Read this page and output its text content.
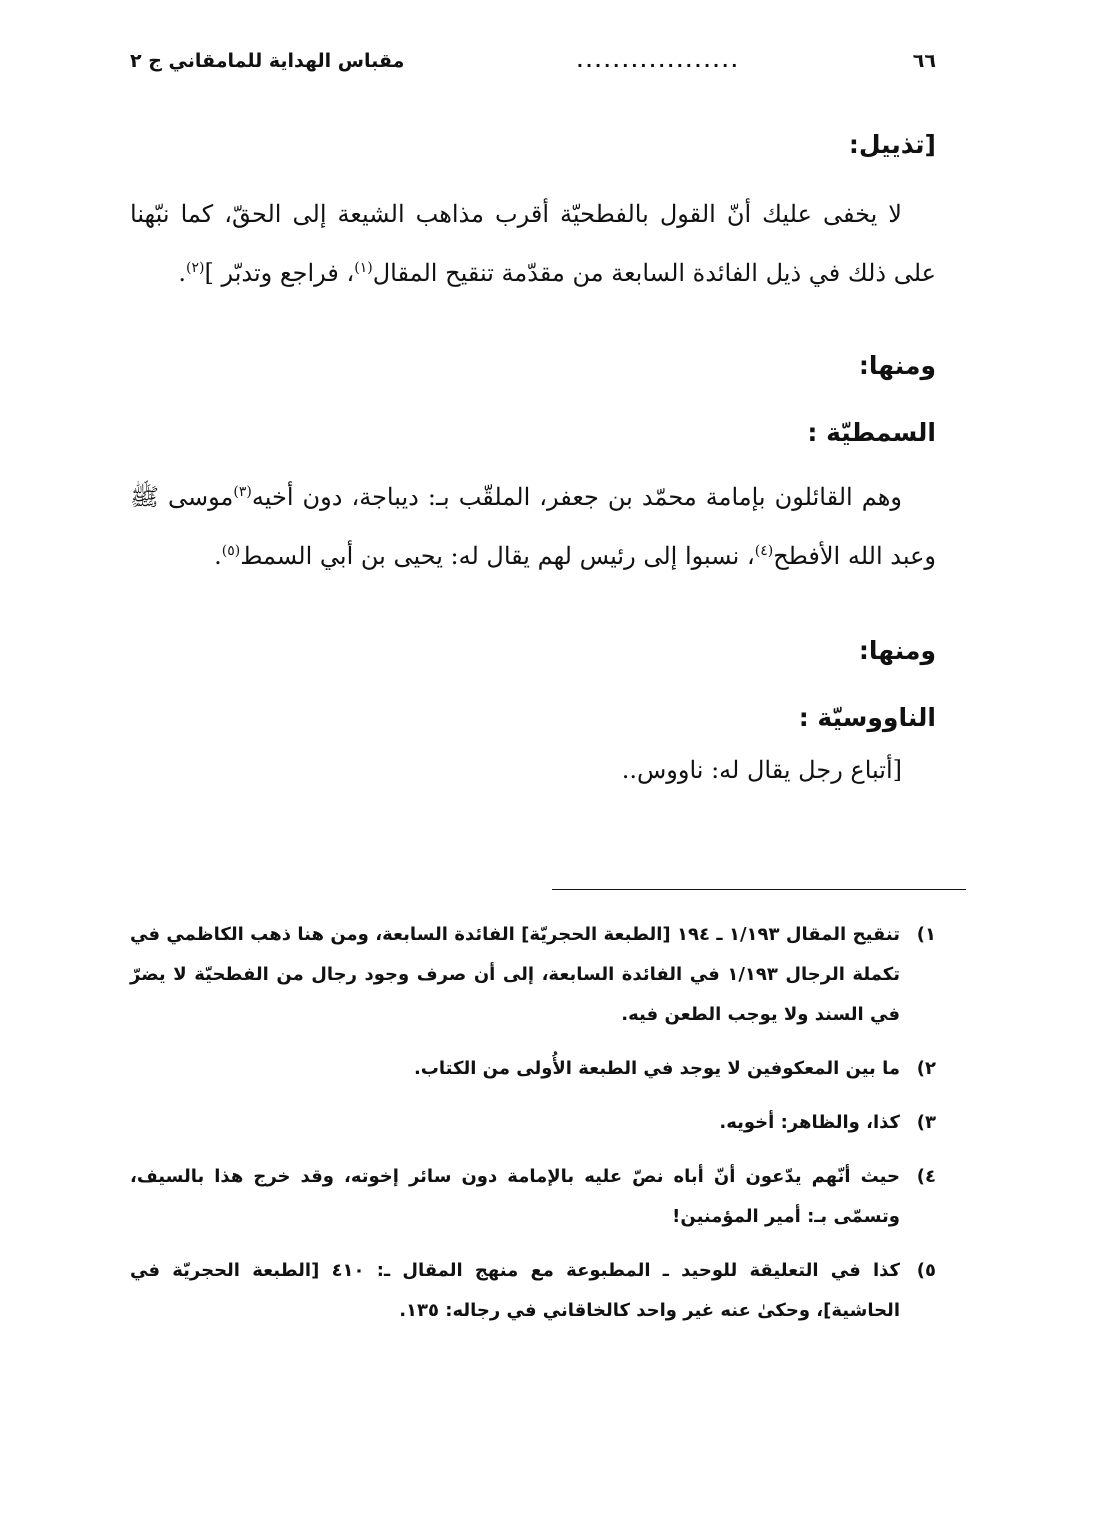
٦٦
..................
مقباس الهداية للمامقاني ج ٢

[تذييل:

لا يخفى عليك أنّ القول بالفطحيّة أقرب مذاهب الشيعة إلى الحقّ، كما نبّهنا على ذلك في ذيل الفائدة السابعة من مقدّمة تنقيح المقال$^{(١)}$، فراجع وتدبّر ]$^{(٢)}$.

ومنها:

السمطيّة :

وهم القائلون بإمامة محمّد بن جعفر، الملقّب بـ: ديباجة، دون أخيه$^{(٣)}$موسى ﷺ وعبد الله الأفطح$^{(٤)}$، نسبوا إلى رئيس لهم يقال له: يحيى بن أبي السمط$^{(٥)}$.

ومنها:

الناووسيّة :

[أتباع رجل يقال له: ناووس..

١)
تنقيح المقال ١/١٩٣ ـ ١٩٤ [الطبعة الحجريّة] الفائدة السابعة، ومن هنا ذهب الكاظمي في تكملة الرجال ١/١٩٣ في الفائدة السابعة، إلى أن صرف وجود رجال من الفطحيّة لا يضرّ في السند ولا يوجب الطعن فيه.
٢)
ما بين المعكوفين لا يوجد في الطبعة الأُولى من الكتاب.
٣)
كذا، والظاهر: أخويه.
٤)
حيث أنّهم يدّعون أنّ أباه نصّ عليه بالإمامة دون سائر إخوته، وقد خرج هذا بالسيف، وتسمّى بـ: أمير المؤمنين!
٥)
كذا في التعليقة للوحيد ـ المطبوعة مع منهج المقال ـ: ٤١٠ [الطبعة الحجريّة في الحاشية]، وحكىٰ عنه غير واحد كالخاقاني في رجاله: ١٣٥.
